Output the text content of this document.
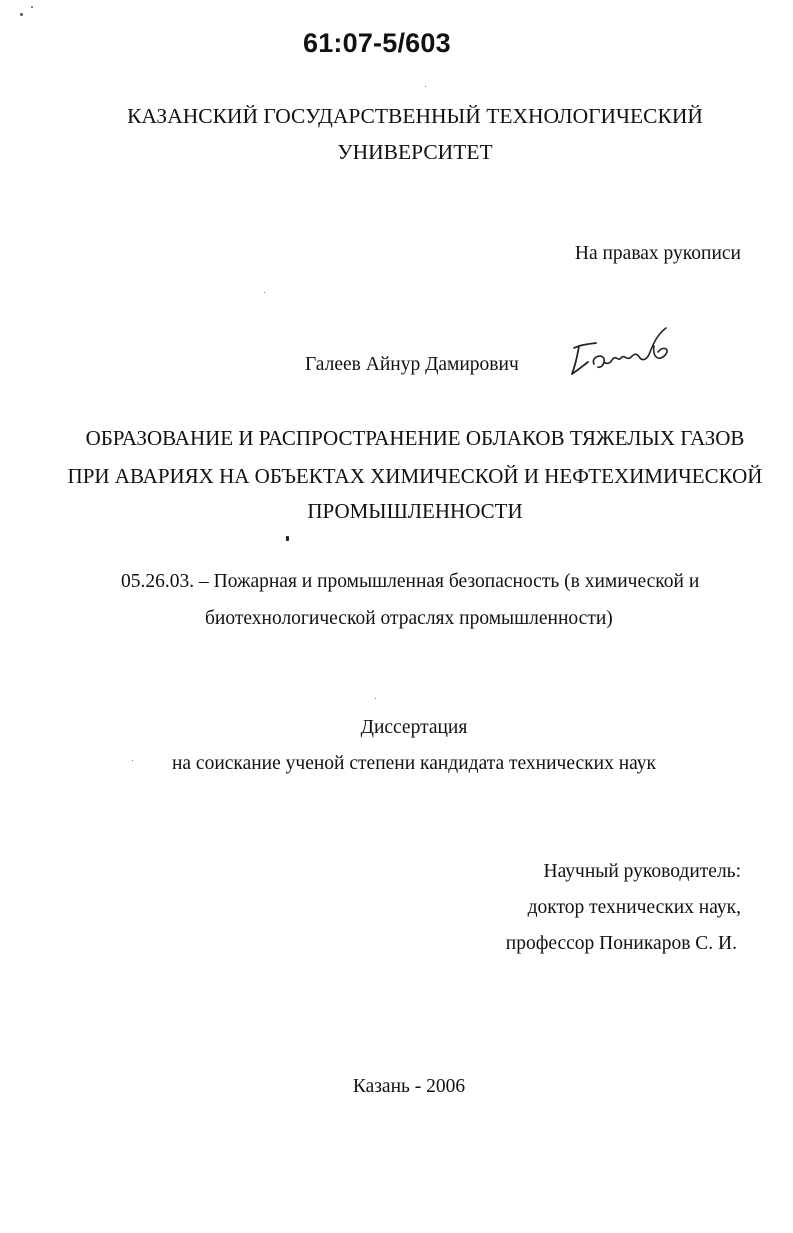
61:07-5/603
КАЗАНСКИЙ ГОСУДАРСТВЕННЫЙ ТЕХНОЛОГИЧЕСКИЙ
УНИВЕРСИТЕТ
На правах рукописи
Галеев Айнур Дамирович
ОБРАЗОВАНИЕ И РАСПРОСТРАНЕНИЕ ОБЛАКОВ ТЯЖЕЛЫХ ГАЗОВ
ПРИ АВАРИЯХ НА ОБЪЕКТАХ ХИМИЧЕСКОЙ И НЕФТЕХИМИЧЕСКОЙ
ПРОМЫШЛЕННОСТИ
05.26.03. – Пожарная и промышленная безопасность (в химической и
биотехнологической отраслях промышленности)
Диссертация
на соискание ученой степени кандидата технических наук
Научный руководитель:
доктор технических наук,
профессор Поникаров С. И.
Казань - 2006
